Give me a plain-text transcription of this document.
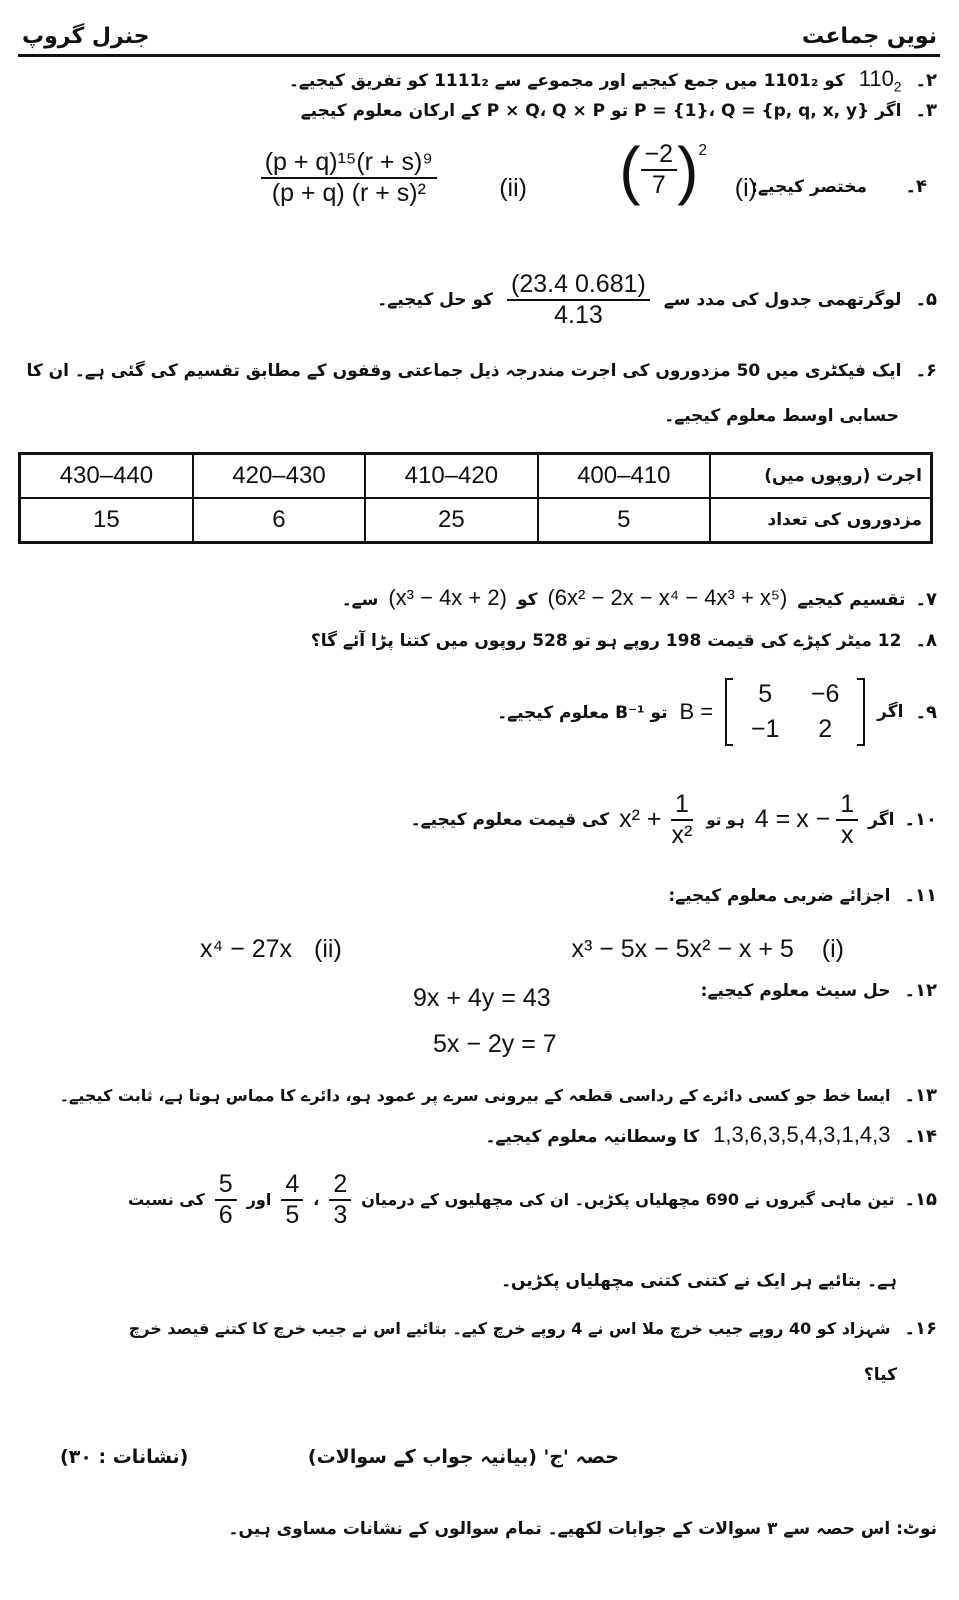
نویں جماعت
جنرل گروپ
۲۔
$110_2$
کو 1101₂ میں جمع کیجیے اور مجموعے سے 1111₂ کو تفریق کیجیے۔
۳۔
اگر P = {1}، Q = {p, q, x, y} تو P × Q، Q × P کے ارکان معلوم کیجیے
۴۔
مختصر کیجیے:
(i)
( $\frac{-2}{7} )^2$
(ii)
$\frac{\text{(p + q)¹⁵(r + s)⁹}}{\text{(p + q) (r + s)²}}$
۵۔
لوگرتھمی جدول کی مدد سے
$\frac{(23.4 0.681)}{4.13}$
کو حل کیجیے۔
۶۔
ایک فیکٹری میں 50 مزدوروں کی اجرت مندرجہ ذیل جماعتی وقفوں کے مطابق تقسیم کی گئی ہے۔ ان کا
حسابی اوسط معلوم کیجیے۔
430–440	420–430	410–420	400–410	اجرت (روپوں میں)
15	6	25	5	مزدوروں کی تعداد
۷۔
تقسیم کیجیے
(6x² − 2x − x⁴ − 4x³ + x⁵)
کو
(x³ − 4x + 2)
سے۔
۸۔
12 میٹر کپڑے کی قیمت 198 روپے ہو تو 528 روپوں میں کتنا پڑا آئے گا؟
۹۔
اگر
5	−6
−1	2
B =
تو B⁻¹ معلوم کیجیے۔
۱۰۔
اگر
$4 = x - \frac{1}{x}$
ہو تو
$x^2 + \frac{1}{\text{x²}}$
کی قیمت معلوم کیجیے۔
۱۱۔
اجزائے ضربی معلوم کیجیے:
(i)
x³ − 5x − 5x² − x + 5
(ii)
x⁴ − 27x
۱۲۔
حل سیٹ معلوم کیجیے:
9x + 4y = 43
5x − 2y = 7
۱۳۔
ایسا خط جو کسی دائرے کے رداسی قطعہ کے بیرونی سرے پر عمود ہو، دائرے کا مماس ہوتا ہے، ثابت کیجیے۔
۱۴۔
1,3,6,3,5,4,3,1,4,3
کا وسطانیہ معلوم کیجیے۔
۱۵۔
تین ماہی گیروں نے 690 مچھلیاں پکڑیں۔ ان کی مچھلیوں کے درمیان
$\frac{2}{3}$
،
$\frac{4}{5}$
اور
$\frac{5}{6}$
کی نسبت
ہے۔ بتائیے ہر ایک نے کتنی کتنی مچھلیاں پکڑیں۔
۱۶۔
شہزاد کو 40 روپے جیب خرچ ملا اس نے 4 روپے خرچ کیے۔ بتائیے اس نے جیب خرچ کا کتنے فیصد خرچ
کیا؟
حصہ 'ج' (بیانیہ جواب کے سوالات)
(نشانات : ۳۰)
نوٹ: اس حصہ سے ۳ سوالات کے جوابات لکھیے۔ تمام سوالوں کے نشانات مساوی ہیں۔
